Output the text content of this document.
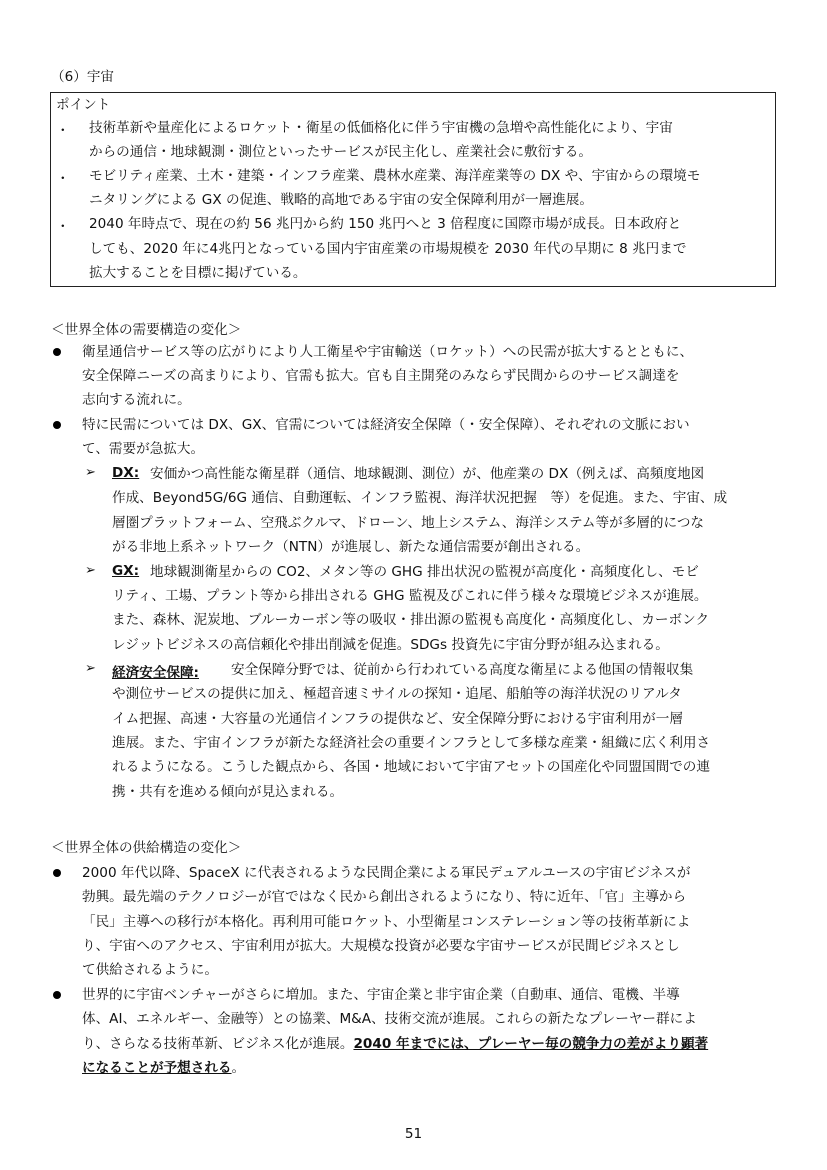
（6）宇宙
ポイント
・ 技術革新や量産化によるロケット・衛星の低価格化に伴う宇宙機の急増や高性能化により、宇宙
からの通信・地球観測・測位といったサービスが民主化し、産業社会に敷衍する。
・ モビリティ産業、土木・建築・インフラ産業、農林水産業、海洋産業等の DX や、宇宙からの環境モ
ニタリングによる GX の促進、戦略的高地である宇宙の安全保障利用が一層進展。
・ 2040 年時点で、現在の約 56 兆円から約 150 兆円へと 3 倍程度に国際市場が成長。日本政府と
しても、2020 年に4兆円となっている国内宇宙産業の市場規模を 2030 年代の早期に 8 兆円まで
拡大することを目標に掲げている。
＜世界全体の需要構造の変化＞
衛星通信サービス等の広がりにより人工衛星や宇宙輸送（ロケット）への民需が拡大するとともに、
安全保障ニーズの高まりにより、官需も拡大。官も自主開発のみならず民間からのサービス調達を
志向する流れに。
特に民需については DX、GX、官需については経済安全保障（・安全保障）、それぞれの文脈におい
て、需要が急拡大。
➢ DX: 安価かつ高性能な衛星群（通信、地球観測、測位）が、他産業の DX（例えば、高頻度地図
作成、Beyond5G/6G 通信、自動運転、インフラ監視、海洋状況把握　等）を促進。また、宇宙、成
層圏プラットフォーム、空飛ぶクルマ、ドローン、地上システム、海洋システム等が多層的につな
がる非地上系ネットワーク（NTN）が進展し、新たな通信需要が創出される。
➢ GX: 地球観測衛星からの CO2、メタン等の GHG 排出状況の監視が高度化・高頻度化し、モビ
リティ、工場、プラント等から排出される GHG 監視及びこれに伴う様々な環境ビジネスが進展。
また、森林、泥炭地、ブルーカーボン等の吸収・排出源の監視も高度化・高頻度化し、カーボンク
レジットビジネスの高信頼化や排出削減を促進。SDGs 投資先に宇宙分野が組み込まれる。
➢ 経済安全保障: 安全保障分野では、従前から行われている高度な衛星による他国の情報収集
や測位サービスの提供に加え、極超音速ミサイルの探知・追尾、船舶等の海洋状況のリアルタ
イム把握、高速・大容量の光通信インフラの提供など、安全保障分野における宇宙利用が一層
進展。また、宇宙インフラが新たな経済社会の重要インフラとして多様な産業・組織に広く利用さ
れるようになる。こうした観点から、各国・地域において宇宙アセットの国産化や同盟国間での連
携・共有を進める傾向が見込まれる。
＜世界全体の供給構造の変化＞
2000 年代以降、SpaceX に代表されるような民間企業による軍民デュアルユースの宇宙ビジネスが
勃興。最先端のテクノロジーが官ではなく民から創出されるようになり、特に近年、「官」主導から
「民」主導への移行が本格化。再利用可能ロケット、小型衛星コンステレーション等の技術革新によ
り、宇宙へのアクセス、宇宙利用が拡大。大規模な投資が必要な宇宙サービスが民間ビジネスとし
て供給されるように。
世界的に宇宙ベンチャーがさらに増加。また、宇宙企業と非宇宙企業（自動車、通信、電機、半導
体、AI、エネルギー、金融等）との協業、M&A、技術交流が進展。これらの新たなプレーヤー群によ
り、さらなる技術革新、ビジネス化が進展。2040 年までには、プレーヤー毎の競争力の差がより顕著
になることが予想される。
51
